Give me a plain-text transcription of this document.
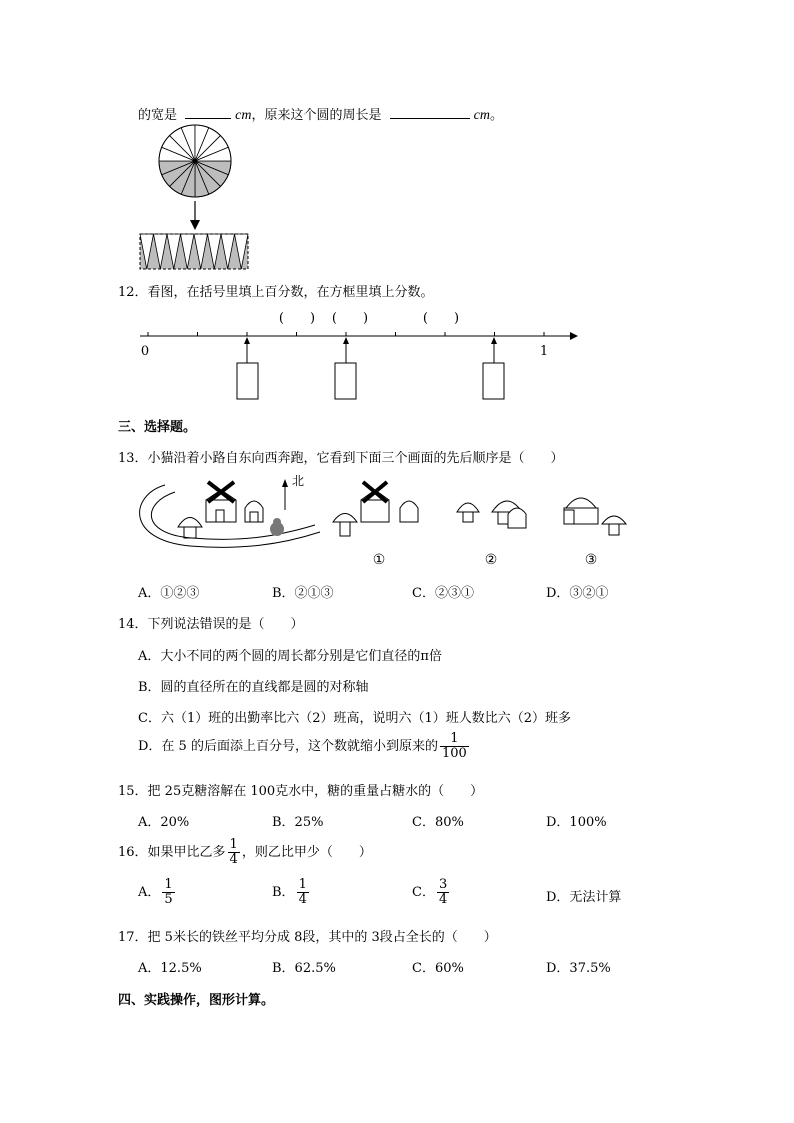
的宽是	cm，原来这个圆的周长是	cm。
12．看图，在括号里填上百分数，在方框里填上分数。
0	1
(　　) (　　)	(　　)
三、选择题。
13．小猫沿着小路自东向西奔跑，它看到下面三个画面的先后顺序是（　　）
北
①	②	③
A．①②③	B．②①③	C．②③①	D．③②①
14．下列说法错误的是（　　）
A．大小不同的两个圆的周长都分别是它们直径的π倍
B．圆的直径所在的直线都是圆的对称轴
C．六（1）班的出勤率比六（2）班高，说明六（1）班人数比六（2）班多
D．在 5 的后面添上百分号，这个数就缩小到原来的 $\frac{1}{100}$
15．把 25克糖溶解在 100克水中，糖的重量占糖水的（　　）
A．20%	B．25%	C．80%	D．100%
16．如果甲比乙多 $\frac{1}{4}$ ，则乙比甲少（　　）
A． $\frac{1}{5}$	B． $\frac{1}{4}$	C． $\frac{3}{4}$	D．无法计算
17．把 5米长的铁丝平均分成 8段，其中的 3段占全长的（　　）
A．12.5%	B．62.5%	C．60%	D．37.5%
四、实践操作，图形计算。
